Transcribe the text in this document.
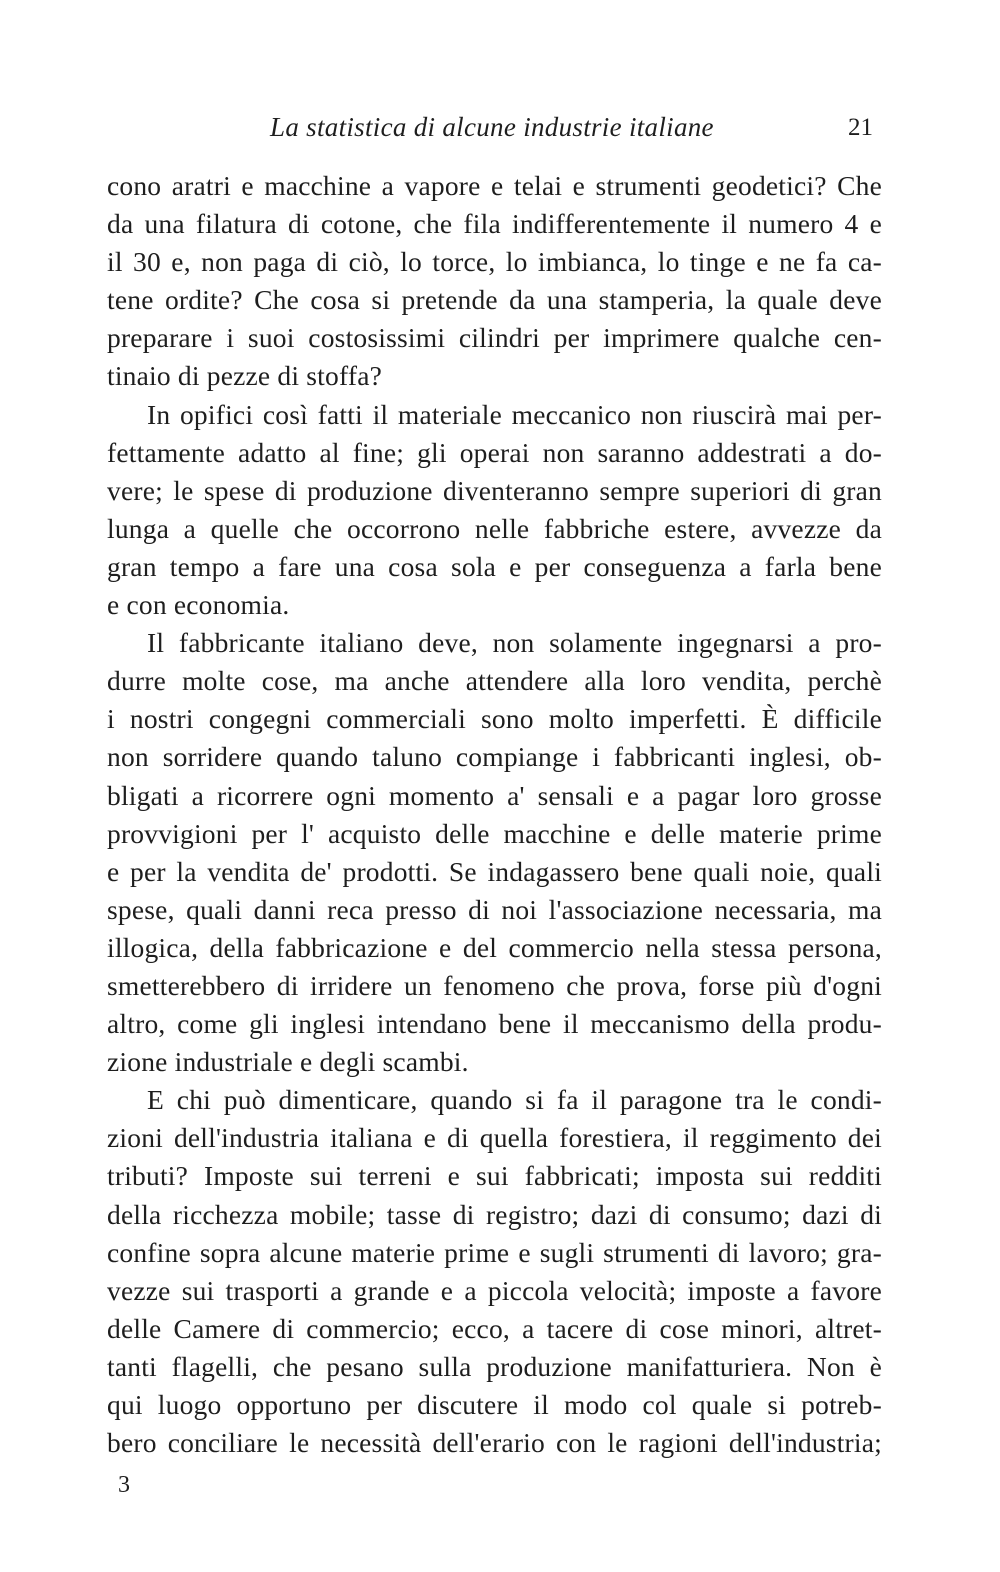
La statistica di alcune industrie italiane	21
cono aratri e macchine a vapore e telai e strumenti geodetici? Che
da una filatura di cotone, che fila indifferentemente il numero 4 e
il 30 e, non paga di ciò, lo torce, lo imbianca, lo tinge e ne fa ca-
tene ordite? Che cosa si pretende da una stamperia, la quale deve
preparare i suoi costosissimi cilindri per imprimere qualche cen-
tinaio di pezze di stoffa?
In opifici così fatti il materiale meccanico non riuscirà mai per-
fettamente adatto al fine; gli operai non saranno addestrati a do-
vere; le spese di produzione diventeranno sempre superiori di gran
lunga a quelle che occorrono nelle fabbriche estere, avvezze da
gran tempo a fare una cosa sola e per conseguenza a farla bene
e con economia.
Il fabbricante italiano deve, non solamente ingegnarsi a pro-
durre molte cose, ma anche attendere alla loro vendita, perchè
i nostri congegni commerciali sono molto imperfetti. È difficile
non sorridere quando taluno compiange i fabbricanti inglesi, ob-
bligati a ricorrere ogni momento a' sensali e a pagar loro grosse
provvigioni per l' acquisto delle macchine e delle materie prime
e per la vendita de' prodotti. Se indagassero bene quali noie, quali
spese, quali danni reca presso di noi l'associazione necessaria, ma
illogica, della fabbricazione e del commercio nella stessa persona,
smetterebbero di irridere un fenomeno che prova, forse più d'ogni
altro, come gli inglesi intendano bene il meccanismo della produ-
zione industriale e degli scambi.
E chi può dimenticare, quando si fa il paragone tra le condi-
zioni dell'industria italiana e di quella forestiera, il reggimento dei
tributi? Imposte sui terreni e sui fabbricati; imposta sui redditi
della ricchezza mobile; tasse di registro; dazi di consumo; dazi di
confine sopra alcune materie prime e sugli strumenti di lavoro; gra-
vezze sui trasporti a grande e a piccola velocità; imposte a favore
delle Camere di commercio; ecco, a tacere di cose minori, altret-
tanti flagelli, che pesano sulla produzione manifatturiera. Non è
qui luogo opportuno per discutere il modo col quale si potreb-
bero conciliare le necessità dell'erario con le ragioni dell'industria;
3
